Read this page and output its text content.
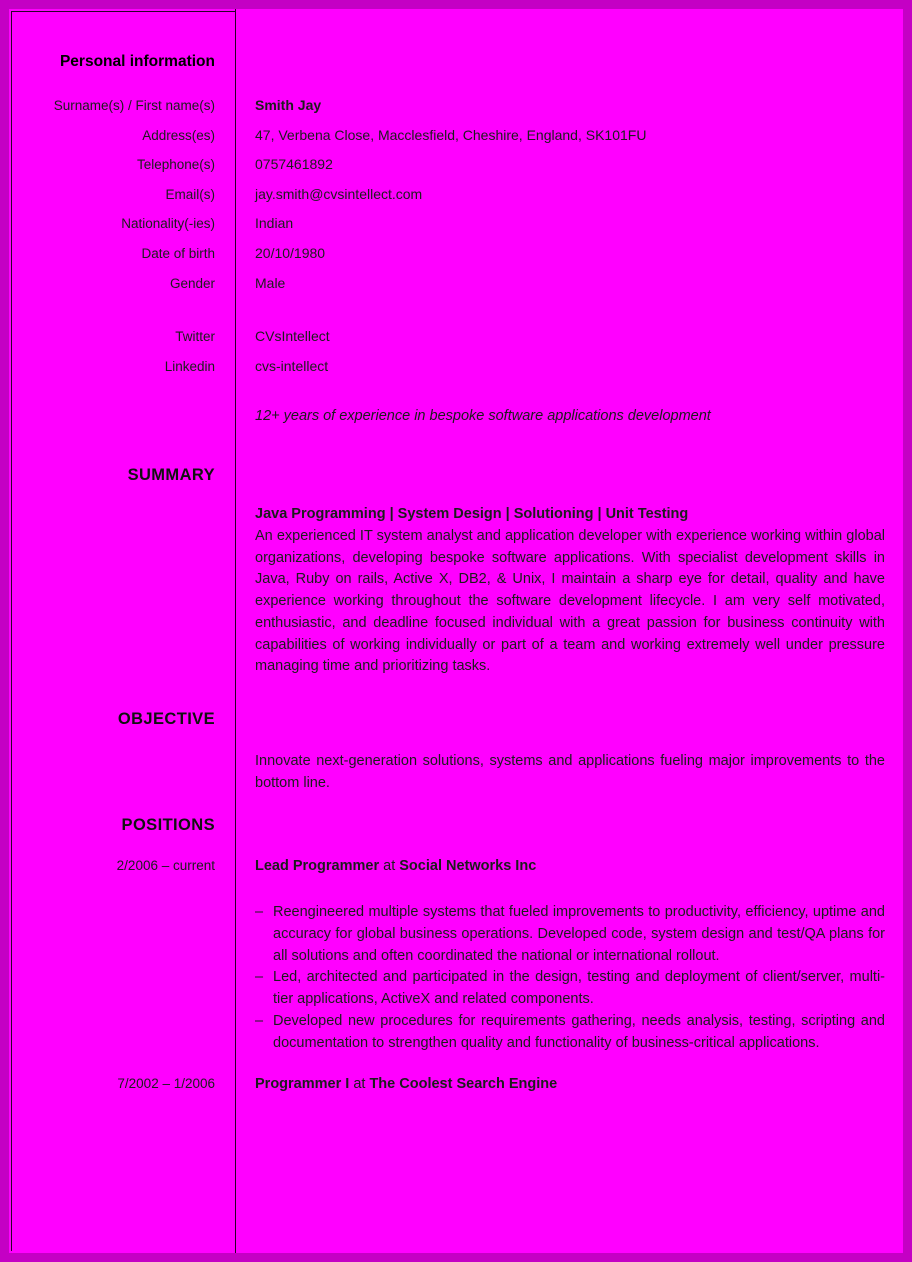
Personal information
Surname(s) / First name(s)	Smith Jay
Address(es)	47, Verbena Close, Macclesfield, Cheshire, England, SK101FU
Telephone(s)	0757461892
Email(s)	jay.smith@cvsintellect.com
Nationality(-ies)	Indian
Date of birth	20/10/1980
Gender	Male
Twitter	CVsIntellect
Linkedin	cvs-intellect
12+ years of experience in bespoke software applications development
SUMMARY
Java Programming | System Design | Solutioning | Unit Testing

An experienced IT system analyst and application developer with experience working within global organizations, developing bespoke software applications. With specialist development skills in Java, Ruby on rails, Active X, DB2, & Unix, I maintain a sharp eye for detail, quality and have experience working throughout the software development lifecycle. I am very self motivated, enthusiastic, and deadline focused individual with a great passion for business continuity with capabilities of working individually or part of a team and working extremely well under pressure managing time and prioritizing tasks.

OBJECTIVE

Innovate next-generation solutions, systems and applications fueling major improvements to the bottom line.

POSITIONS
2/2006 – current	Lead Programmer at Social Networks Inc
– Reengineered multiple systems that fueled improvements to productivity, efficiency, uptime and accuracy for global business operations. Developed code, system design and test/QA plans for all solutions and often coordinated the national or international rollout.
– Led, architected and participated in the design, testing and deployment of client/server, multi-tier applications, ActiveX and related components.
– Developed new procedures for requirements gathering, needs analysis, testing, scripting and documentation to strengthen quality and functionality of business-critical applications.
7/2002 – 1/2006	Programmer I at The Coolest Search Engine
